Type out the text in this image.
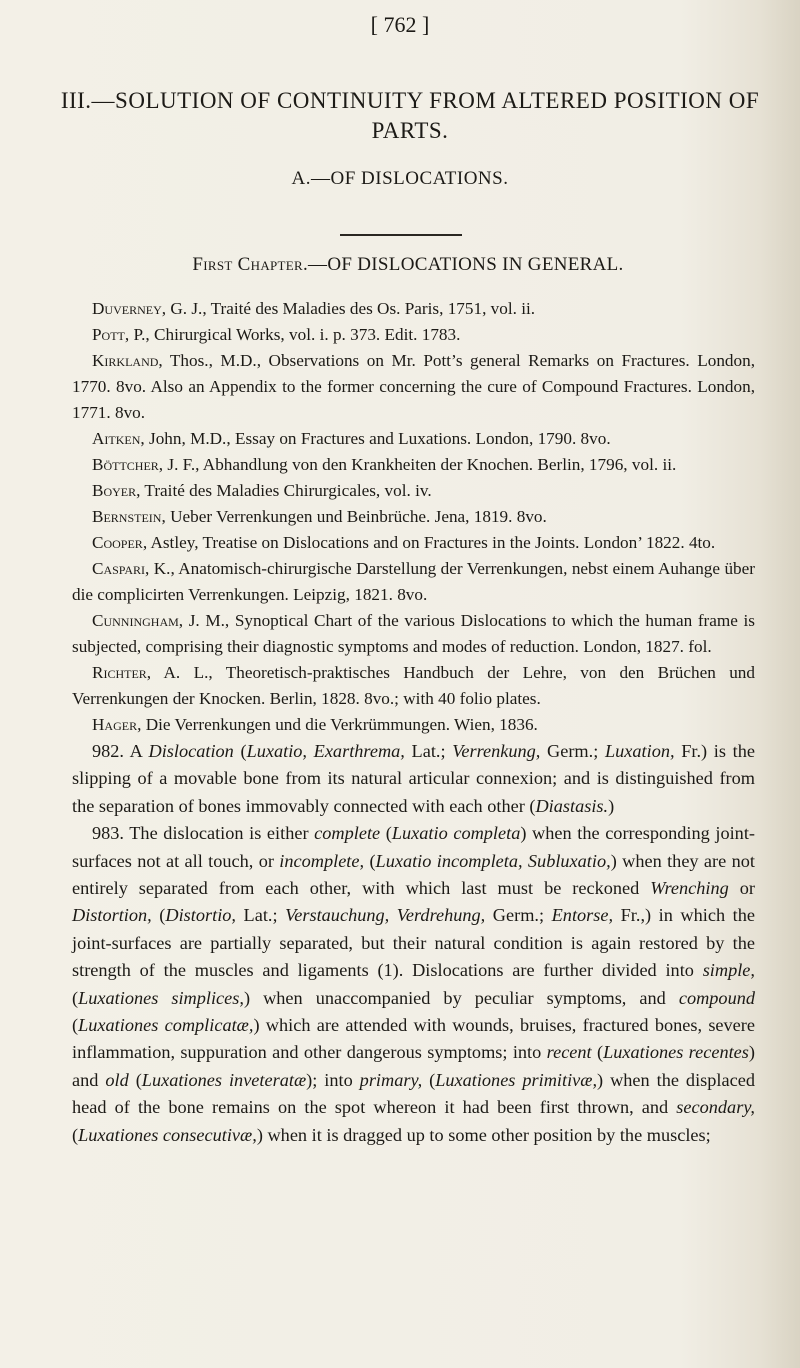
[ 762 ]
III.—SOLUTION OF CONTINUITY FROM ALTERED POSITION OF PARTS.
A.—OF DISLOCATIONS.
First Chapter.—OF DISLOCATIONS IN GENERAL.

Duverney, G. J., Traité des Maladies des Os. Paris, 1751, vol. ii.

Pott, P., Chirurgical Works, vol. i. p. 373. Edit. 1783.

Kirkland, Thos., M.D., Observations on Mr. Pott’s general Remarks on Fractures. London, 1770. 8vo. Also an Appendix to the former concerning the cure of Compound Fractures. London, 1771. 8vo.

Aitken, John, M.D., Essay on Fractures and Luxations. London, 1790. 8vo.

Böttcher, J. F., Abhandlung von den Krankheiten der Knochen. Berlin, 1796, vol. ii.

Boyer, Traité des Maladies Chirurgicales, vol. iv.

Bernstein, Ueber Verrenkungen und Beinbrüche. Jena, 1819. 8vo.

Cooper, Astley, Treatise on Dislocations and on Fractures in the Joints. London’ 1822. 4to.

Caspari, K., Anatomisch-chirurgische Darstellung der Verrenkungen, nebst einem Auhange über die complicirten Verrenkungen. Leipzig, 1821. 8vo.

Cunningham, J. M., Synoptical Chart of the various Dislocations to which the human frame is subjected, comprising their diagnostic symptoms and modes of reduction. London, 1827. fol.

Richter, A. L., Theoretisch-praktisches Handbuch der Lehre, von den Brüchen und Verrenkungen der Knocken. Berlin, 1828. 8vo.; with 40 folio plates.

Hager, Die Verrenkungen und die Verkrümmungen. Wien, 1836.

982. A Dislocation (Luxatio, Exarthrema, Lat.; Verrenkung, Germ.; Luxation, Fr.) is the slipping of a movable bone from its natural articular connexion; and is distinguished from the separation of bones immovably connected with each other (Diastasis.)

983. The dislocation is either complete (Luxatio completa) when the corresponding joint-surfaces not at all touch, or incomplete, (Luxatio incompleta, Subluxatio,) when they are not entirely separated from each other, with which last must be reckoned Wrenching or Distortion, (Distortio, Lat.; Verstauchung, Verdrehung, Germ.; Entorse, Fr.,) in which the joint-surfaces are partially separated, but their natural condition is again restored by the strength of the muscles and ligaments (1). Dislocations are further divided into simple, (Luxationes simplices,) when unaccompanied by peculiar symptoms, and compound (Luxationes complicatæ,) which are attended with wounds, bruises, fractured bones, severe inflammation, suppuration and other dangerous symptoms; into recent (Luxationes recentes) and old (Luxationes inveteratæ); into primary, (Luxationes primitivæ,) when the displaced head of the bone remains on the spot whereon it had been first thrown, and secondary, (Luxationes consecutivæ,) when it is dragged up to some other position by the muscles;
